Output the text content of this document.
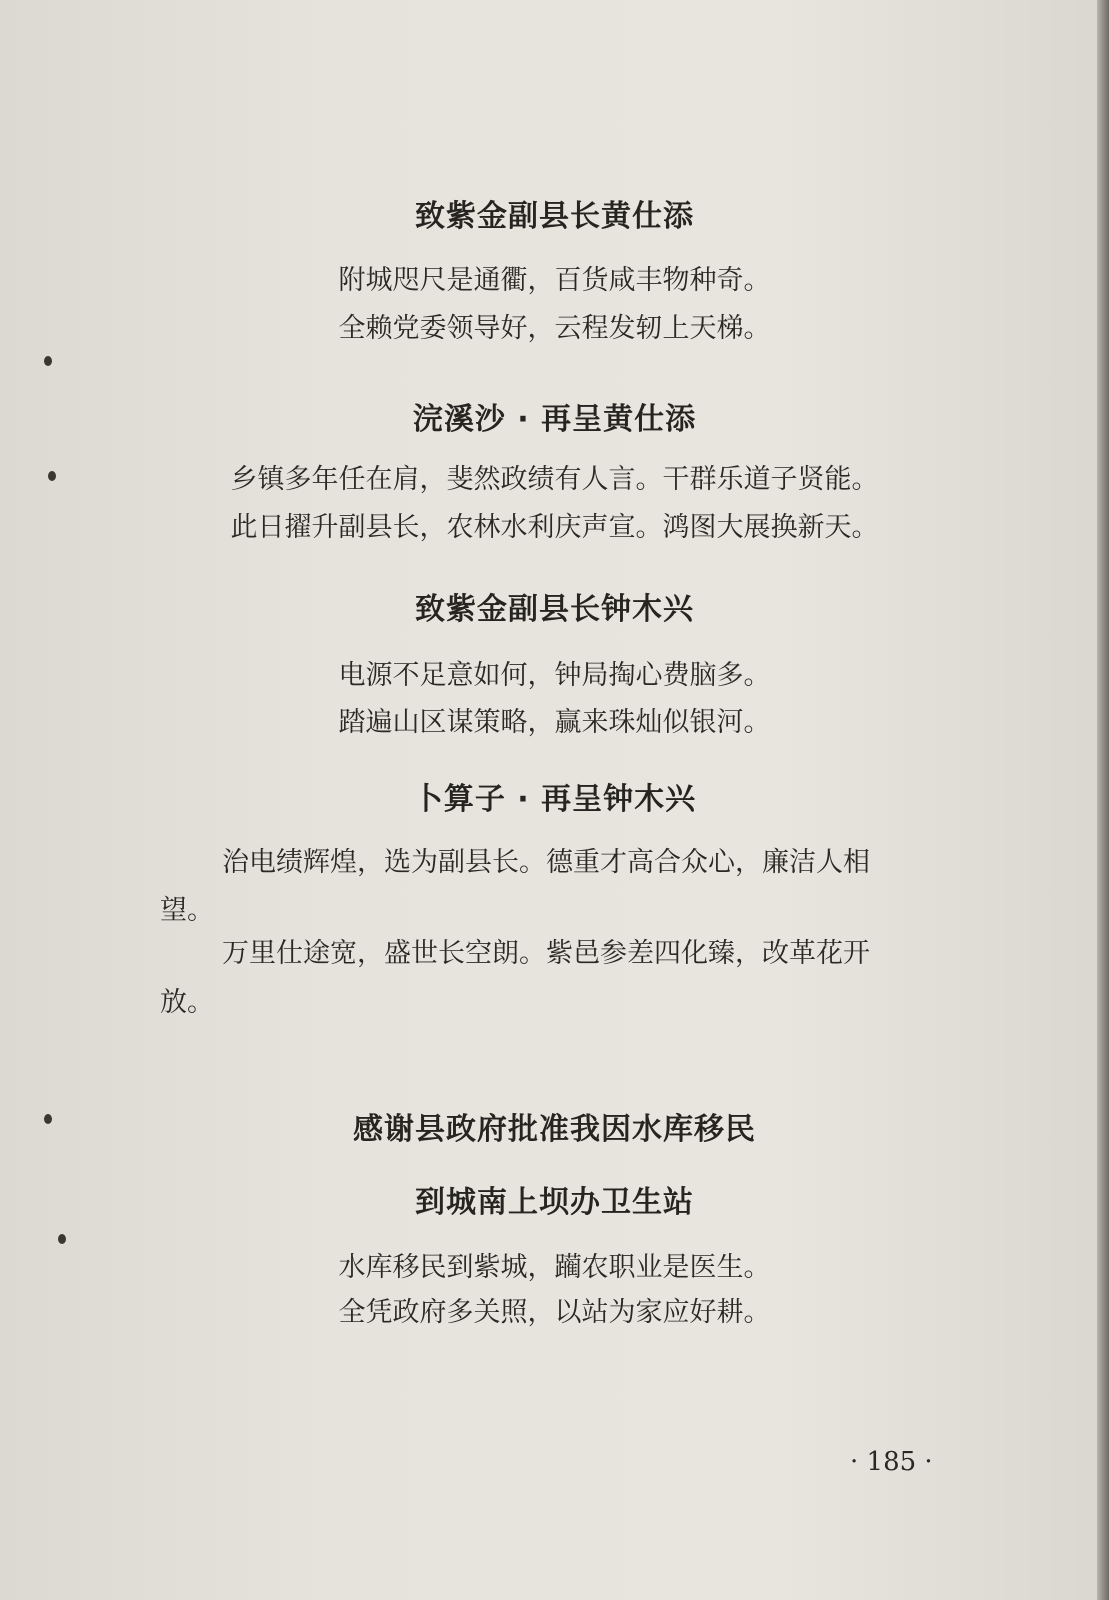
致紫金副县长黄仕添

附城咫尺是通衢，百货咸丰物种奇。

全赖党委领导好，云程发轫上天梯。

浣溪沙 · 再呈黄仕添

乡镇多年任在肩，斐然政绩有人言。干群乐道子贤能。

此日擢升副县长，农林水利庆声宣。鸿图大展换新天。

致紫金副县长钟木兴

电源不足意如何，钟局掏心费脑多。

踏遍山区谋策略，赢来珠灿似银河。

卜算子 · 再呈钟木兴

治电绩辉煌，选为副县长。德重才高合众心，廉洁人相

望。

万里仕途宽，盛世长空朗。紫邑参差四化臻，改革花开

放。

感谢县政府批准我因水库移民
到城南上坝办卫生站

水库移民到紫城，躏农职业是医生。

全凭政府多关照，以站为家应好耕。

· 185 ·
